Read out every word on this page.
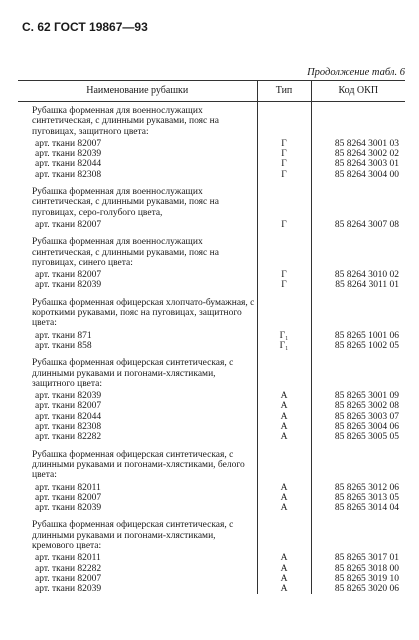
С. 62 ГОСТ 19867—93
Продолжение табл. 6
Наименование рубашки	Тип	Код ОКП
Рубашка форменная для военнослужащих синтетическая, с длинными рукавами, пояс на пуговицах, защитного цвета:		
арт. ткани 82007	Г	85 8264 3001 03
арт. ткани 82039	Г	85 8264 3002 02
арт. ткани 82044	Г	85 8264 3003 01
арт. ткани 82308	Г	85 8264 3004 00

Рубашка форменная для военнослужащих синтетическая, с длинными рукавами, пояс на пуговицах, серо-голубого цвета,		
арт. ткани 82007	Г	85 8264 3007 08

Рубашка форменная для военнослужащих синтетическая, с длинными рукавами, пояс на пуговицах, синего цвета:		
арт. ткани 82007	Г	85 8264 3010 02
арт. ткани 82039	Г	85 8264 3011 01

Рубашка форменная офицерская хлопчато-бумажная, с короткими рукавами, пояс на пуговицах, защитного цвета:		
арт. ткани 871	Г₁	85 8265 1001 06
арт. ткани 858	Г₁	85 8265 1002 05

Рубашка форменная офицерская синтетическая, с длинными рукавами и погонами-хлястиками, защитного цвета:		
арт. ткани 82039	А	85 8265 3001 09
арт. ткани 82007	А	85 8265 3002 08
арт. ткани 82044	А	85 8265 3003 07
арт. ткани 82308	А	85 8265 3004 06
арт. ткани 82282	А	85 8265 3005 05

Рубашка форменная офицерская синтетическая, с длинными рукавами и погонами-хлястиками, белого цвета:		
арт. ткани 82011	А	85 8265 3012 06
арт. ткани 82007	А	85 8265 3013 05
арт. ткани 82039	А	85 8265 3014 04

Рубашка форменная офицерская синтетическая, с длинными рукавами и погонами-хлястиками, кремового цвета:		
арт. ткани 82011	А	85 8265 3017 01
арт. ткани 82282	А	85 8265 3018 00
арт. ткани 82007	А	85 8265 3019 10
арт. ткани 82039	А	85 8265 3020 06
